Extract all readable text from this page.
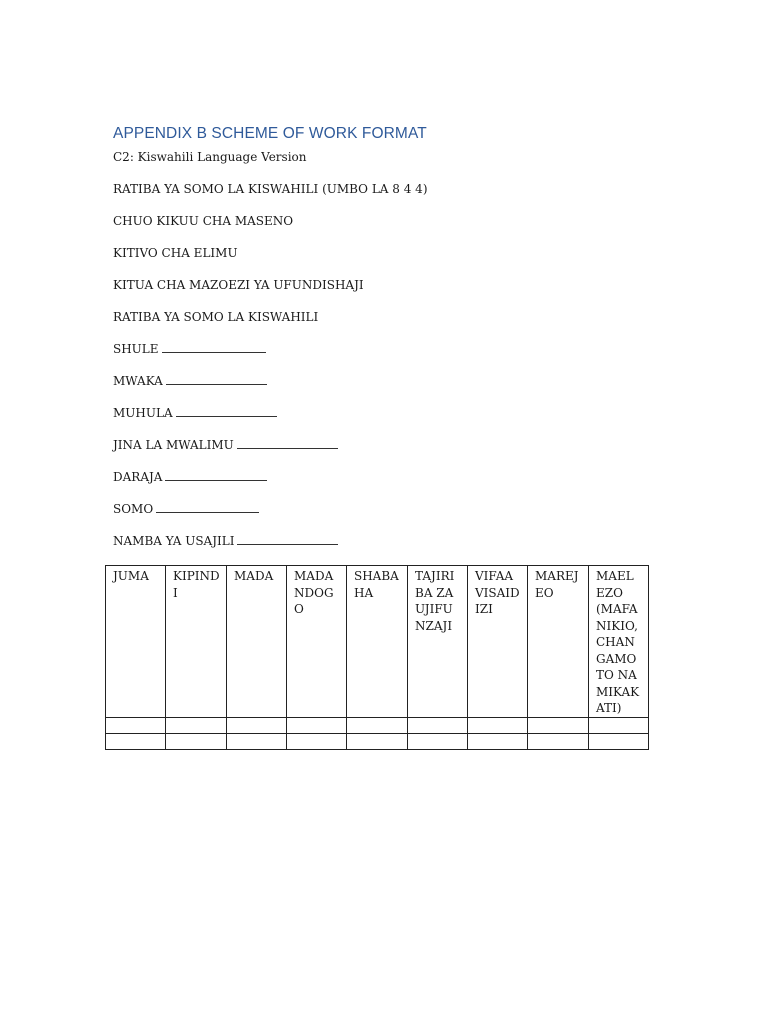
APPENDIX B SCHEME OF WORK FORMAT
C2: Kiswahili Language Version
RATIBA YA SOMO LA KISWAHILI (UMBO LA 8 4 4)
CHUO KIKUU CHA MASENO
KITIVO CHA ELIMU
KITUA CHA MAZOEZI YA UFUNDISHAJI
RATIBA YA SOMO LA KISWAHILI
SHULE
MWAKA
MUHULA
JINA LA MWALIMU
DARAJA
SOMO
NAMBA YA USAJILI
JUMA	KIPINDI	MADA	MADA NDOGO	SHABAHA	TAJIRIBA ZA UJIFUNZAJI	VIFAA VISAIDIZI	MAREJEO	MAELEZO (MAFANIKIO, CHANGAMOTO NA MIKAKATI)
